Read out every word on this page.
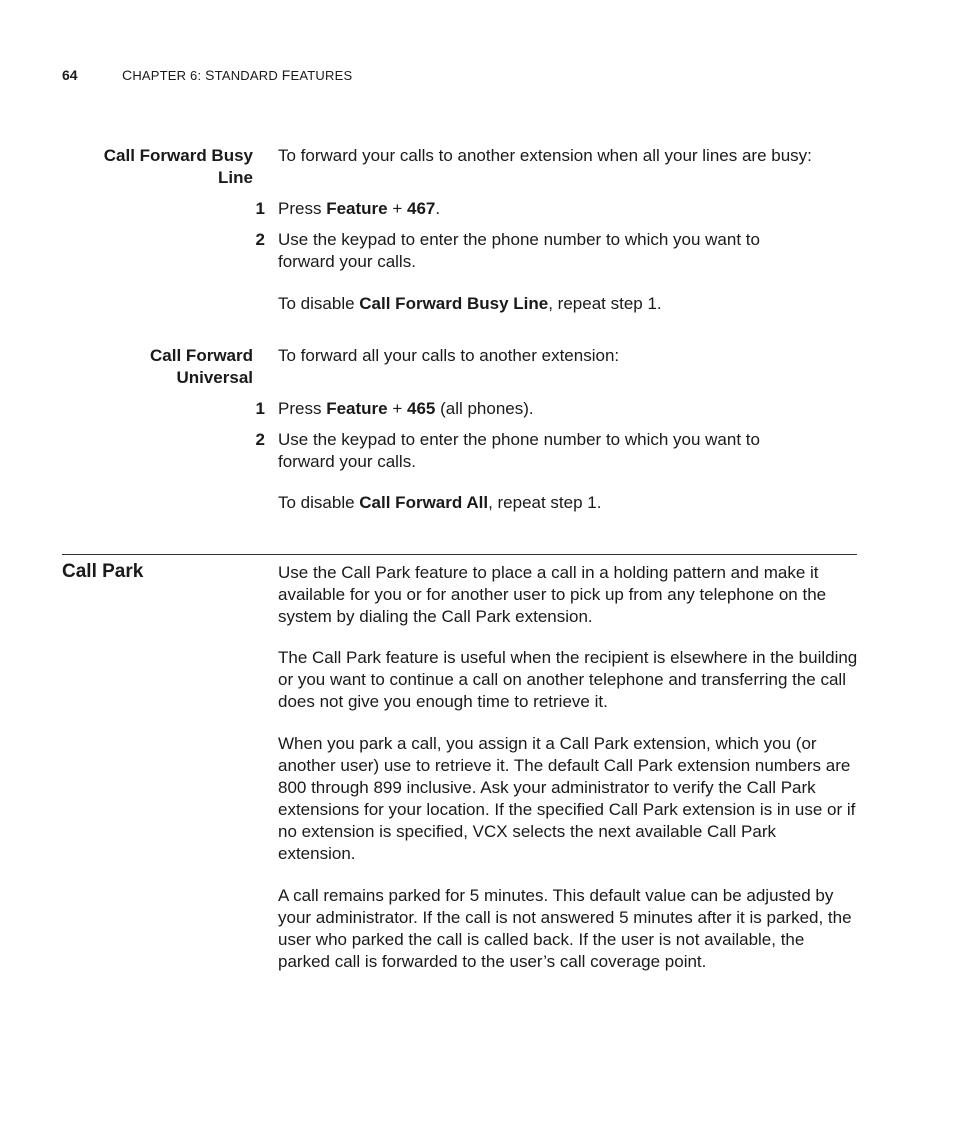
64	CHAPTER 6: STANDARD FEATURES
Call Forward Busy
Line
To forward your calls to another extension when all your lines are busy:
1 Press Feature + 467.
2 Use the keypad to enter the phone number to which you want to forward your calls.
To disable Call Forward Busy Line, repeat step 1.
Call Forward
Universal
To forward all your calls to another extension:
1 Press Feature + 465 (all phones).
2 Use the keypad to enter the phone number to which you want to forward your calls.
To disable Call Forward All, repeat step 1.
Call Park	Use the Call Park feature to place a call in a holding pattern and make it available for you or for another user to pick up from any telephone on the system by dialing the Call Park extension.
The Call Park feature is useful when the recipient is elsewhere in the building or you want to continue a call on another telephone and transferring the call does not give you enough time to retrieve it.
When you park a call, you assign it a Call Park extension, which you (or another user) use to retrieve it. The default Call Park extension numbers are 800 through 899 inclusive. Ask your administrator to verify the Call Park extensions for your location. If the specified Call Park extension is in use or if no extension is specified, VCX selects the next available Call Park extension.
A call remains parked for 5 minutes. This default value can be adjusted by your administrator. If the call is not answered 5 minutes after it is parked, the user who parked the call is called back. If the user is not available, the parked call is forwarded to the user’s call coverage point.
